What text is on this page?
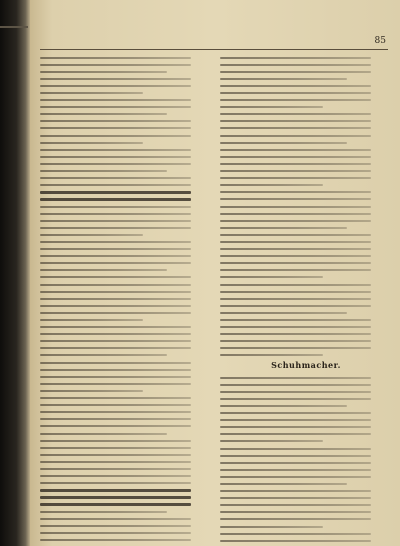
85
Schuhmacher.
